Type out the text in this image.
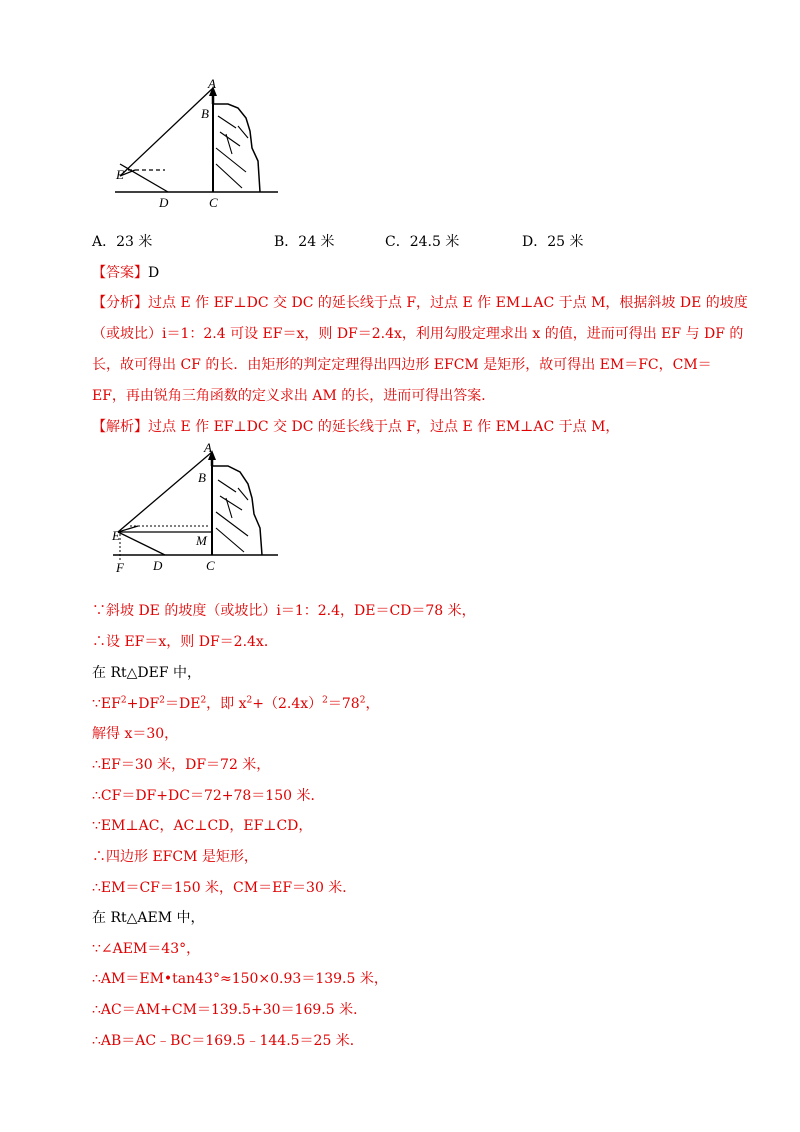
A
B
E
D	C
A．23 米	B．24 米	C．24.5 米	D．25 米
【答案】D
【分析】过点 E 作 EF⊥DC 交 DC 的延长线于点 F，过点 E 作 EM⊥AC 于点 M，根据斜坡 DE 的坡度
（或坡比）i＝1：2.4 可设 EF＝x，则 DF＝2.4x，利用勾股定理求出 x 的值，进而可得出 EF 与 DF 的
长，故可得出 CF 的长．由矩形的判定定理得出四边形 EFCM 是矩形，故可得出 EM＝FC，CM＝
EF，再由锐角三角函数的定义求出 AM 的长，进而可得出答案．
【解析】过点 E 作 EF⊥DC 交 DC 的延长线于点 F，过点 E 作 EM⊥AC 于点 M，
A
B
E	M
F D	C
∵斜坡 DE 的坡度（或坡比）i＝1：2.4，DE＝CD＝78 米，
∴设 EF＝x，则 DF＝2.4x．
在 Rt△DEF 中，
$\because EF^2+DF^2=DE^2$，即 $x^2+(2.4x)^2=78^2$，
解得 x＝30，
∴EF＝30 米，DF＝72 米，
∴CF＝DF+DC＝72+78＝150 米．
∵EM⊥AC，AC⊥CD，EF⊥CD，
∴四边形 EFCM 是矩形，
∴EM＝CF＝150 米，CM＝EF＝30 米．
在 Rt△AEM 中，
∵∠AEM＝43°，
∴AM＝EM•tan43°≈150×0.93＝139.5 米，
∴AC＝AM+CM＝139.5+30＝169.5 米．
∴AB＝AC﹣BC＝169.5﹣144.5＝25 米．
